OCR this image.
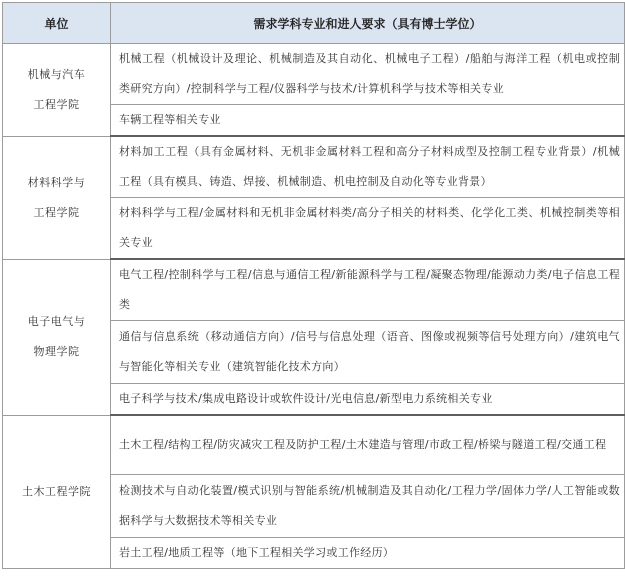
单位	需求学科专业和进人要求（具有博士学位）

机械与汽车
工程学院	机械工程（机械设计及理论、机械制造及其自动化、机械电子工程）/船舶与海洋工程（机电或控制类研究方向）/控制科学与工程/仪器科学与技术/计算机科学与技术等相关专业
	车辆工程等相关专业

材料科学与
工程学院	材料加工工程（具有金属材料、无机非金属材料工程和高分子材料成型及控制工程专业背景）/机械工程（具有模具、铸造、焊接、机械制造、机电控制及自动化等专业背景）
	材料科学与工程/金属材料和无机非金属材料类/高分子相关的材料类、化学化工类、机械控制类等相关专业

电子电气与
物理学院	电气工程/控制科学与工程/信息与通信工程/新能源科学与工程/凝聚态物理/能源动力类/电子信息工程类
	通信与信息系统（移动通信方向）/信号与信息处理（语音、图像或视频等信号处理方向）/建筑电气与智能化等相关专业（建筑智能化技术方向）
	电子科学与技术/集成电路设计或软件设计/光电信息/新型电力系统相关专业

土木工程学院	土木工程/结构工程/防灾减灾工程及防护工程/土木建造与管理/市政工程/桥梁与隧道工程/交通工程
	检测技术与自动化装置/模式识别与智能系统/机械制造及其自动化/工程力学/固体力学/人工智能或数据科学与大数据技术等相关专业
	岩土工程/地质工程等（地下工程相关学习或工作经历）
